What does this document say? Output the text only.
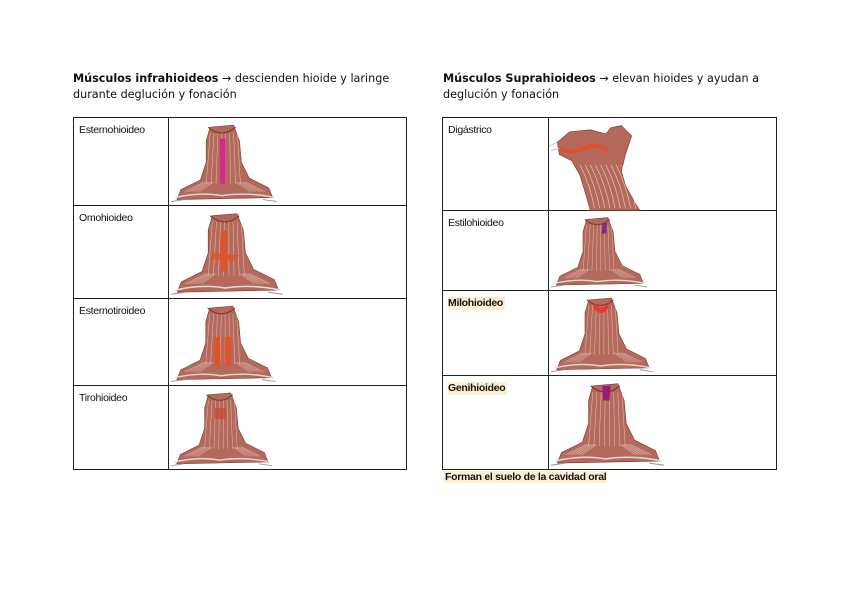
Músculos infrahioideos → descienden hioide y laringe durante deglución y fonación

Músculos Suprahioideos → elevan hioides y ayudan a deglución y fonación

Esternohioideo

Omohioideo

Esternotiroideo

Tirohioideo

Digástrico

Estilohioideo

Milohioideo

Genihioideo

Forman el suelo de la cavidad oral
